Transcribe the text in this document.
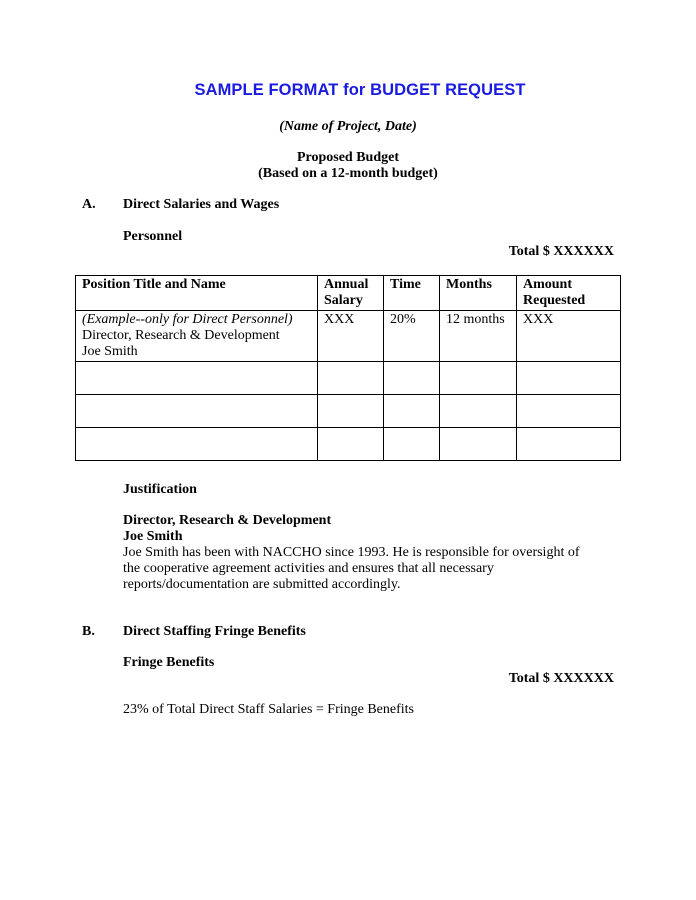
SAMPLE FORMAT for BUDGET REQUEST
(Name of Project, Date)
Proposed Budget
(Based on a 12-month budget)
A. Direct Salaries and Wages
Personnel
Total $ XXXXXX
Position Title and Name	Annual Salary	Time	Months	Amount Requested

(Example--only for Direct Personnel)
Director, Research & Development
Joe Smith	XXX	20%	12 months	XXX

Justification
Director, Research & Development
Joe Smith
Joe Smith has been with NACCHO since 1993. He is responsible for oversight of the cooperative agreement activities and ensures that all necessary reports/documentation are submitted accordingly.
B. Direct Staffing Fringe Benefits
Fringe Benefits
Total $ XXXXXX
23% of Total Direct Staff Salaries = Fringe Benefits
